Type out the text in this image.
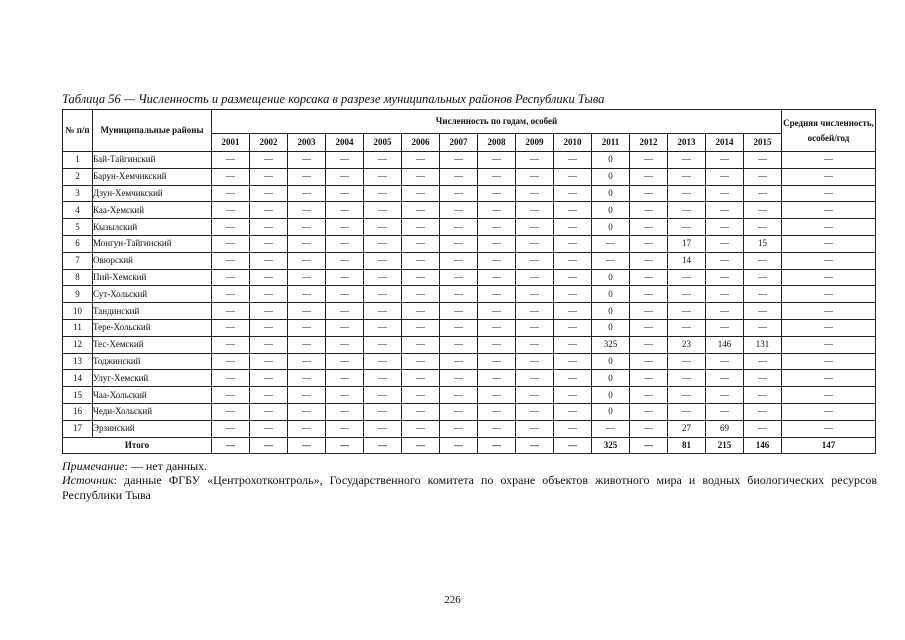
Таблица 56 — Численность и размещение корсака в разрезе муниципальных районов Республики Тыва
№ п/п	Муниципальные районы	Численность по годам, особей															Средняя численность, особей/год
		2001	2002	2003	2004	2005	2006	2007	2008	2009	2010	2011	2012	2013	2014	2015	
1	Бай-Тайгинский	—	—	—	—	—	—	—	—	—	—	0	—	—	—	—	—
2	Барун-Хемчикский	—	—	—	—	—	—	—	—	—	—	0	—	—	—	—	—
3	Дзун-Хемчикский	—	—	—	—	—	—	—	—	—	—	0	—	—	—	—	—
4	Каа-Хемский	—	—	—	—	—	—	—	—	—	—	0	—	—	—	—	—
5	Кызылский	—	—	—	—	—	—	—	—	—	—	0	—	—	—	—	—
6	Монгун-Тайгинский	—	—	—	—	—	—	—	—	—	—	—	—	17	—	15	—
7	Овюрский	—	—	—	—	—	—	—	—	—	—	—	—	14	—	—	—
8	Пий-Хемский	—	—	—	—	—	—	—	—	—	—	0	—	—	—	—	—
9	Сут-Хольский	—	—	—	—	—	—	—	—	—	—	0	—	—	—	—	—
10	Тандинский	—	—	—	—	—	—	—	—	—	—	0	—	—	—	—	—
11	Тере-Хольский	—	—	—	—	—	—	—	—	—	—	0	—	—	—	—	—
12	Тес-Хемский	—	—	—	—	—	—	—	—	—	—	325	—	23	146	131	—
13	Тоджинский	—	—	—	—	—	—	—	—	—	—	0	—	—	—	—	—
14	Улуг-Хемский	—	—	—	—	—	—	—	—	—	—	0	—	—	—	—	—
15	Чаа-Хольский	—	—	—	—	—	—	—	—	—	—	0	—	—	—	—	—
16	Чеди-Хольский	—	—	—	—	—	—	—	—	—	—	0	—	—	—	—	—
17	Эрзинский	—	—	—	—	—	—	—	—	—	—	—	—	27	69	—	—
Итого		—	—	—	—	—	—	—	—	—	—	325	—	81	215	146	147
Примечание: — нет данных.
Источник: данные ФГБУ «Центрохотконтроль», Государственного комитета по охране объектов животного мира и водных биологических ресурсов Республики Тыва
226
